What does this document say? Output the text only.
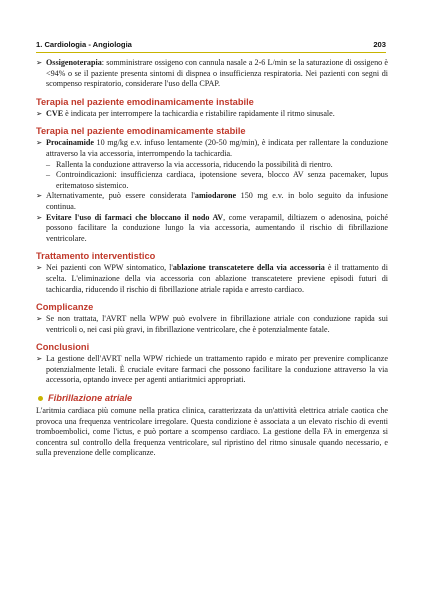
1. Cardiologia - Angiologia	203
➢ Ossigenoterapia: somministrare ossigeno con cannula nasale a 2-6 L/min se la saturazione di ossigeno è <94% o se il paziente presenta sintomi di dispnea o insufficienza respiratoria. Nei pazienti con segni di scompenso respiratorio, considerare l'uso della CPAP.
Terapia nel paziente emodinamicamente instabile
➢ CVE è indicata per interrompere la tachicardia e ristabilire rapidamente il ritmo sinusale.
Terapia nel paziente emodinamicamente stabile
➢ Procainamide 10 mg/kg e.v. infuso lentamente (20-50 mg/min), è indicata per rallentare la conduzione attraverso la via accessoria, interrompendo la tachicardia.
– Rallenta la conduzione attraverso la via accessoria, riducendo la possibilità di rientro.
– Controindicazioni: insufficienza cardiaca, ipotensione severa, blocco AV senza pacemaker, lupus eritematoso sistemico.
➢ Alternativamente, può essere considerata l'amiodarone 150 mg e.v. in bolo seguito da infusione continua.
➢ Evitare l'uso di farmaci che bloccano il nodo AV, come verapamil, diltiazem o adenosina, poiché possono facilitare la conduzione lungo la via accessoria, aumentando il rischio di fibrillazione ventricolare.
Trattamento interventistico
➢ Nei pazienti con WPW sintomatico, l'ablazione transcatetere della via accessoria è il trattamento di scelta. L'eliminazione della via accessoria con ablazione transcatetere previene episodi futuri di tachicardia, riducendo il rischio di fibrillazione atriale rapida e arresto cardiaco.
Complicanze
➢ Se non trattata, l'AVRT nella WPW può evolvere in fibrillazione atriale con conduzione rapida sui ventricoli o, nei casi più gravi, in fibrillazione ventricolare, che è potenzialmente fatale.
Conclusioni
➢ La gestione dell'AVRT nella WPW richiede un trattamento rapido e mirato per prevenire complicanze potenzialmente letali. È cruciale evitare farmaci che possono facilitare la conduzione attraverso la via accessoria, optando invece per agenti antiaritmici appropriati.
Fibrillazione atriale
L'aritmia cardiaca più comune nella pratica clinica, caratterizzata da un'attività elettrica atriale caotica che provoca una frequenza ventricolare irregolare. Questa condizione è associata a un elevato rischio di eventi tromboembolici, come l'ictus, e può portare a scompenso cardiaco. La gestione della FA in emergenza si concentra sul controllo della frequenza ventricolare, sul ripristino del ritmo sinusale quando necessario, e sulla prevenzione delle complicanze.
